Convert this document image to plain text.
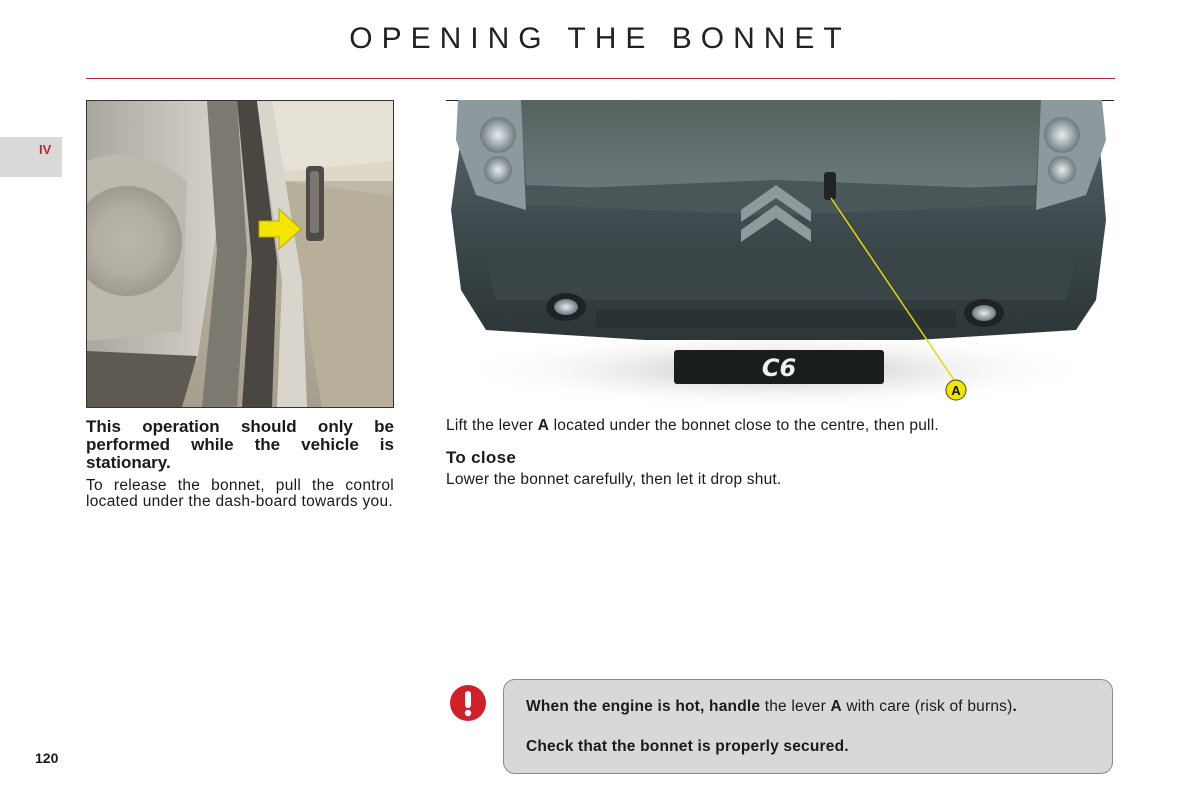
OPENING THE BONNET
IV
C6
A
This operation should only be performed while the vehicle is stationary.
To release the bonnet, pull the control located under the dash-board towards you.
Lift the lever A located under the bonnet close to the centre, then pull.
To close
Lower the bonnet carefully, then let it drop shut.
When the engine is hot, handle the lever A with care (risk of burns).
Check that the bonnet is properly secured.
120
